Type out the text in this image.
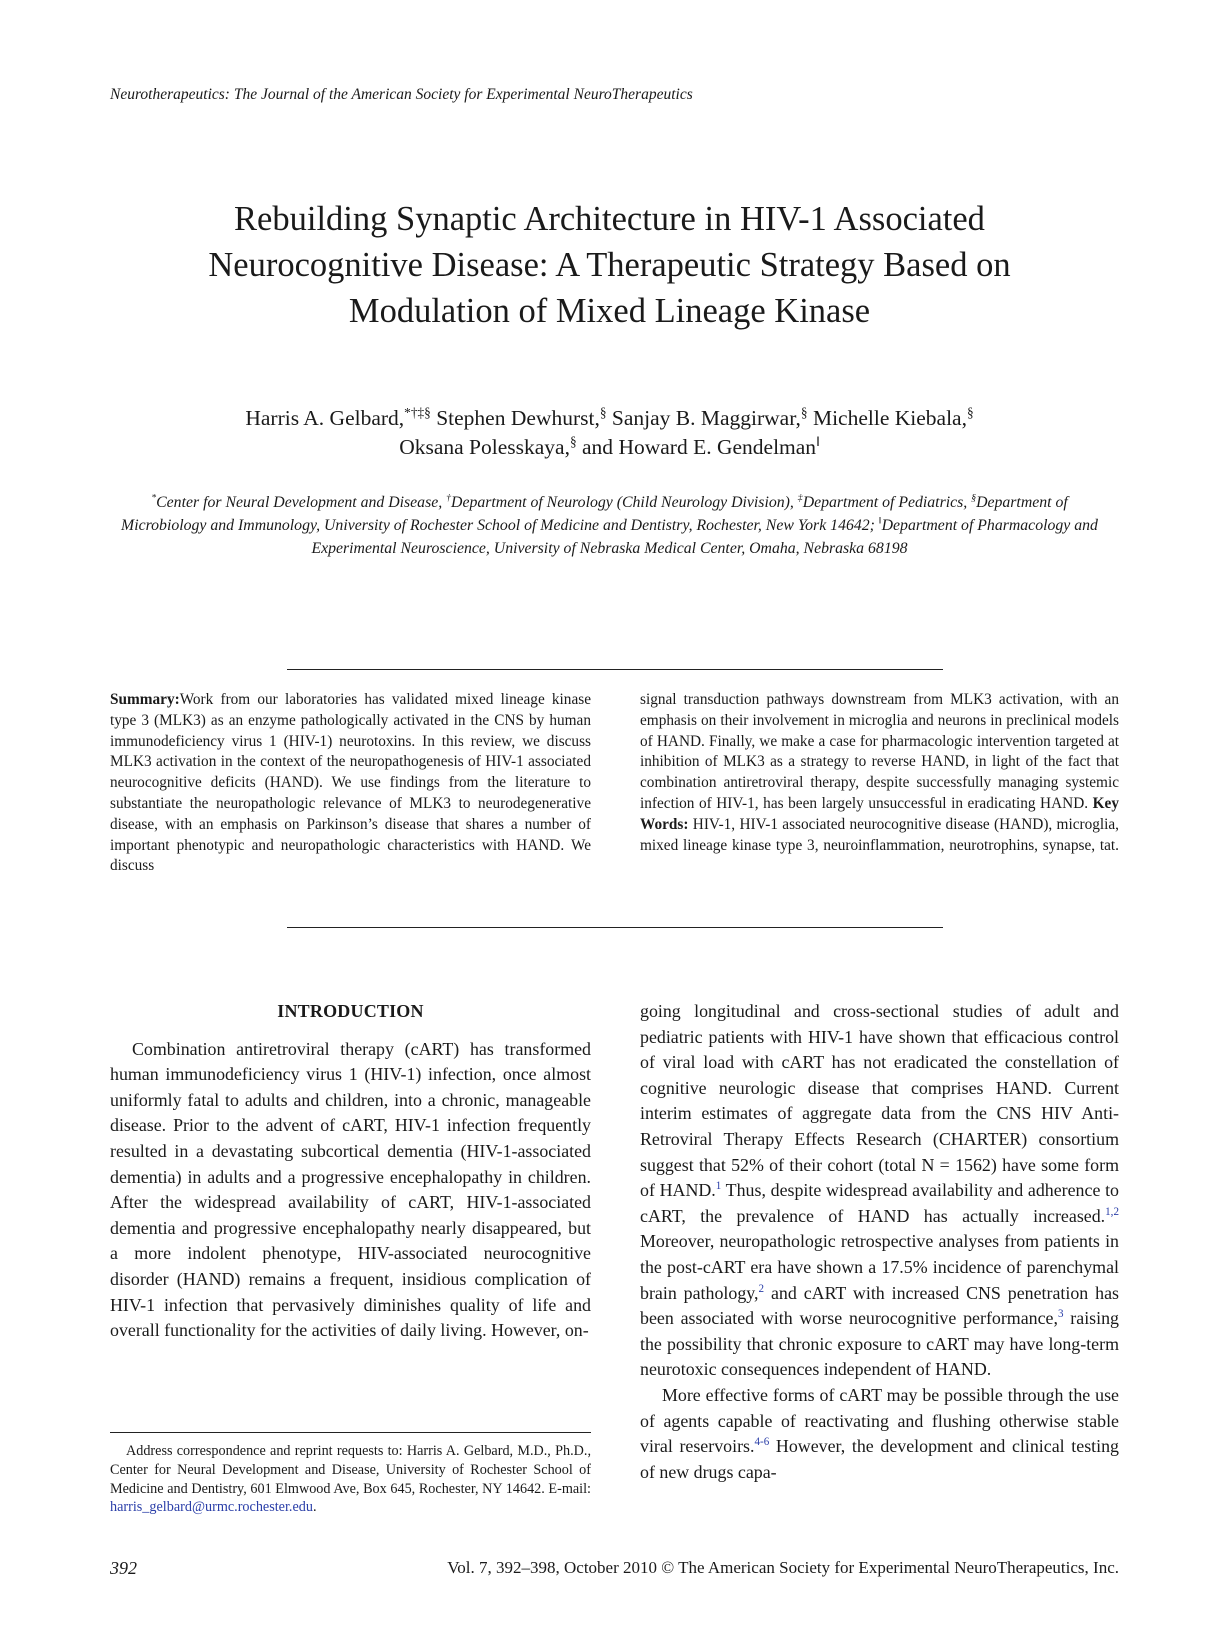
Neurotherapeutics: The Journal of the American Society for Experimental NeuroTherapeutics
Rebuilding Synaptic Architecture in HIV-1 Associated
Neurocognitive Disease: A Therapeutic Strategy Based on
Modulation of Mixed Lineage Kinase
Harris A. Gelbard,*†‡§ Stephen Dewhurst,§ Sanjay B. Maggirwar,§ Michelle Kiebala,§
Oksana Polesskaya,§ and Howard E. Gendelman‖
*Center for Neural Development and Disease, †Department of Neurology (Child Neurology Division), ‡Department of Pediatrics, §Department of Microbiology and Immunology, University of Rochester School of Medicine and Dentistry, Rochester, New York 14642; ‖Department of Pharmacology and Experimental Neuroscience, University of Nebraska Medical Center, Omaha, Nebraska 68198
Summary:Work from our laboratories has validated mixed lineage kinase type 3 (MLK3) as an enzyme pathologically activated in the CNS by human immunodeficiency virus 1 (HIV-1) neurotoxins. In this review, we discuss MLK3 activation in the context of the neuropathogenesis of HIV-1 associated neurocognitive deficits (HAND). We use findings from the literature to substantiate the neuropathologic relevance of MLK3 to neurodegenerative disease, with an emphasis on Parkinson’s disease that shares a number of important phenotypic and neuropathologic characteristics with HAND. We discuss
signal transduction pathways downstream from MLK3 activation, with an emphasis on their involvement in microglia and neurons in preclinical models of HAND. Finally, we make a case for pharmacologic intervention targeted at inhibition of MLK3 as a strategy to reverse HAND, in light of the fact that combination antiretroviral therapy, despite successfully managing systemic infection of HIV-1, has been largely unsuccessful in eradicating HAND. Key Words: HIV-1, HIV-1 associated neurocognitive disease (HAND), microglia, mixed lineage kinase type 3, neuroinflammation, neurotrophins, synapse, tat.
INTRODUCTION

Combination antiretroviral therapy (cART) has transformed human immunodeficiency virus 1 (HIV-1) infection, once almost uniformly fatal to adults and children, into a chronic, manageable disease. Prior to the advent of cART, HIV-1 infection frequently resulted in a devastating subcortical dementia (HIV-1-associated dementia) in adults and a progressive encephalopathy in children. After the widespread availability of cART, HIV-1-associated dementia and progressive encephalopathy nearly disappeared, but a more indolent phenotype, HIV-associated neurocognitive disorder (HAND) remains a frequent, insidious complication of HIV-1 infection that pervasively diminishes quality of life and overall functionality for the activities of daily living. However, on-

going longitudinal and cross-sectional studies of adult and pediatric patients with HIV-1 have shown that efficacious control of viral load with cART has not eradicated the constellation of cognitive neurologic disease that comprises HAND. Current interim estimates of aggregate data from the CNS HIV Anti-Retroviral Therapy Effects Research (CHARTER) consortium suggest that 52% of their cohort (total N = 1562) have some form of HAND.$^1$ Thus, despite widespread availability and adherence to cART, the prevalence of HAND has actually increased.$^{1,2}$ Moreover, neuropathologic retrospective analyses from patients in the post-cART era have shown a 17.5% incidence of parenchymal brain pathology,$^2$ and cART with increased CNS penetration has been associated with worse neurocognitive performance,$^3$ raising the possibility that chronic exposure to cART may have long-term neurotoxic consequences independent of HAND.

More effective forms of cART may be possible through the use of agents capable of reactivating and flushing otherwise stable viral reservoirs.$^{4-6}$ However, the development and clinical testing of new drugs capa-

Address correspondence and reprint requests to: Harris A. Gelbard, M.D., Ph.D., Center for Neural Development and Disease, University of Rochester School of Medicine and Dentistry, 601 Elmwood Ave, Box 645, Rochester, NY 14642. E-mail: harris_gelbard@urmc.rochester.edu.
392	Vol. 7, 392–398, October 2010 © The American Society for Experimental NeuroTherapeutics, Inc.
